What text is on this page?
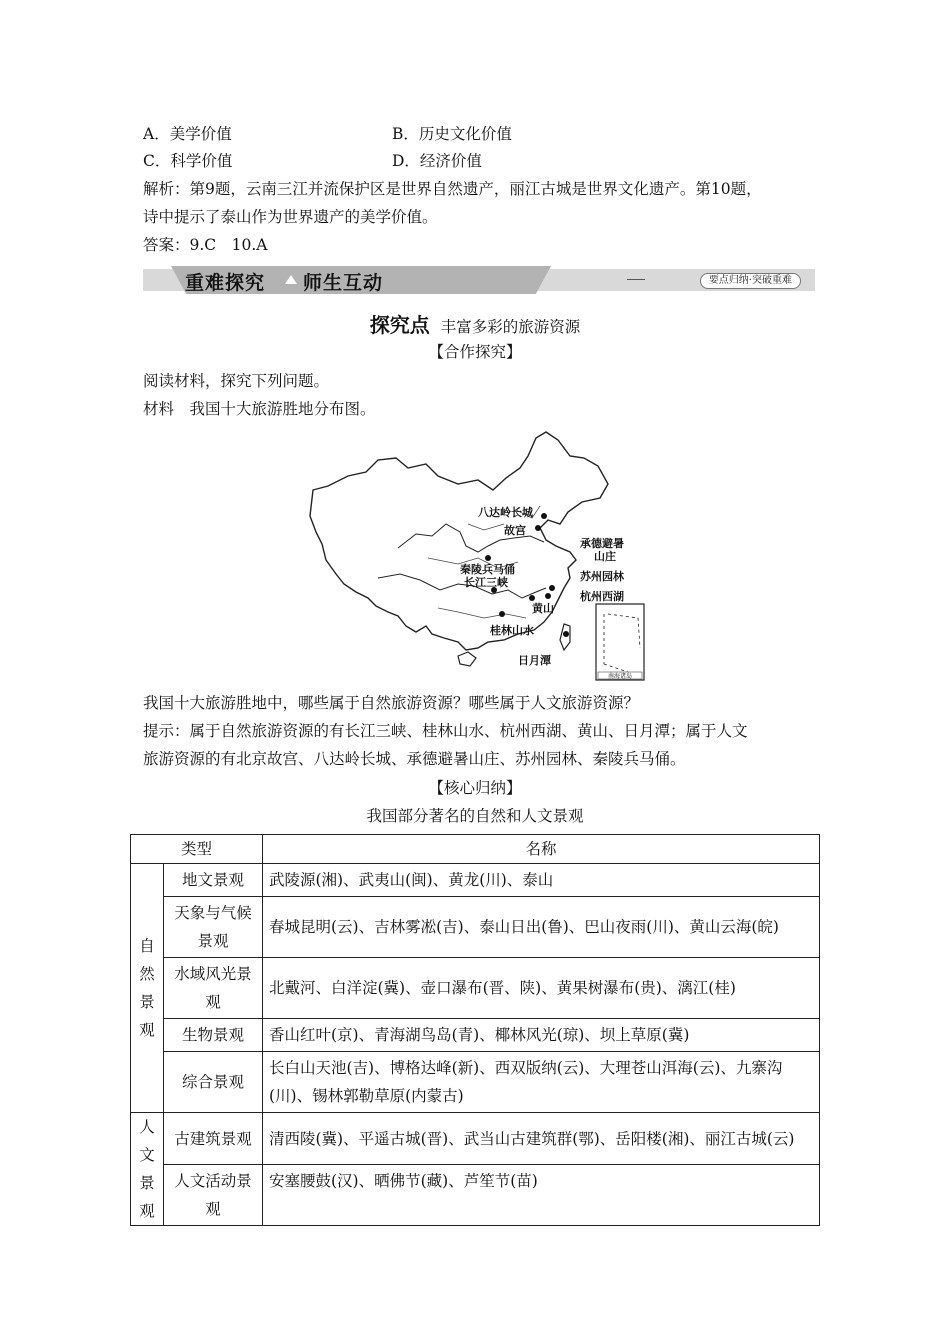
A．美学价值	B．历史文化价值
C．科学价值	D．经济价值
解析：第9题，云南三江并流保护区是世界自然遗产，丽江古城是世界文化遗产。第10题，
诗中提示了泰山作为世界遗产的美学价值。
答案：9.C　10.A
重难探究 师生互动	要点归纳·突破重难
探究点 丰富多彩的旅游资源
【合作探究】
阅读材料，探究下列问题。
材料　我国十大旅游胜地分布图。
南海诸岛
八达岭长城
故宫
承德避暑
山庄
秦陵兵马俑
长江三峡	苏州园林
杭州西湖
黄山
桂林山水
日月潭
我国十大旅游胜地中，哪些属于自然旅游资源？哪些属于人文旅游资源？
提示：属于自然旅游资源的有长江三峡、桂林山水、杭州西湖、黄山、日月潭；属于人文
旅游资源的有北京故宫、八达岭长城、承德避暑山庄、苏州园林、秦陵兵马俑。
【核心归纳】
我国部分著名的自然和人文景观
类型		名称

自然景观	地文景观	武陵源(湘)、武夷山(闽)、黄龙(川)、泰山
	天象与气候景观	春城昆明(云)、吉林雾凇(吉)、泰山日出(鲁)、巴山夜雨(川)、黄山云海(皖)
	水域风光景观	北戴河、白洋淀(冀)、壶口瀑布(晋、陕)、黄果树瀑布(贵)、漓江(桂)
	生物景观	香山红叶(京)、青海湖鸟岛(青)、椰林风光(琼)、坝上草原(冀)
	综合景观	长白山天池(吉)、博格达峰(新)、西双版纳(云)、大理苍山洱海(云)、九寨沟(川)、锡林郭勒草原(内蒙古)

人文景观	古建筑景观	清西陵(冀)、平遥古城(晋)、武当山古建筑群(鄂)、岳阳楼(湘)、丽江古城(云)
	人文活动景观	安塞腰鼓(汉)、晒佛节(藏)、芦笙节(苗)
